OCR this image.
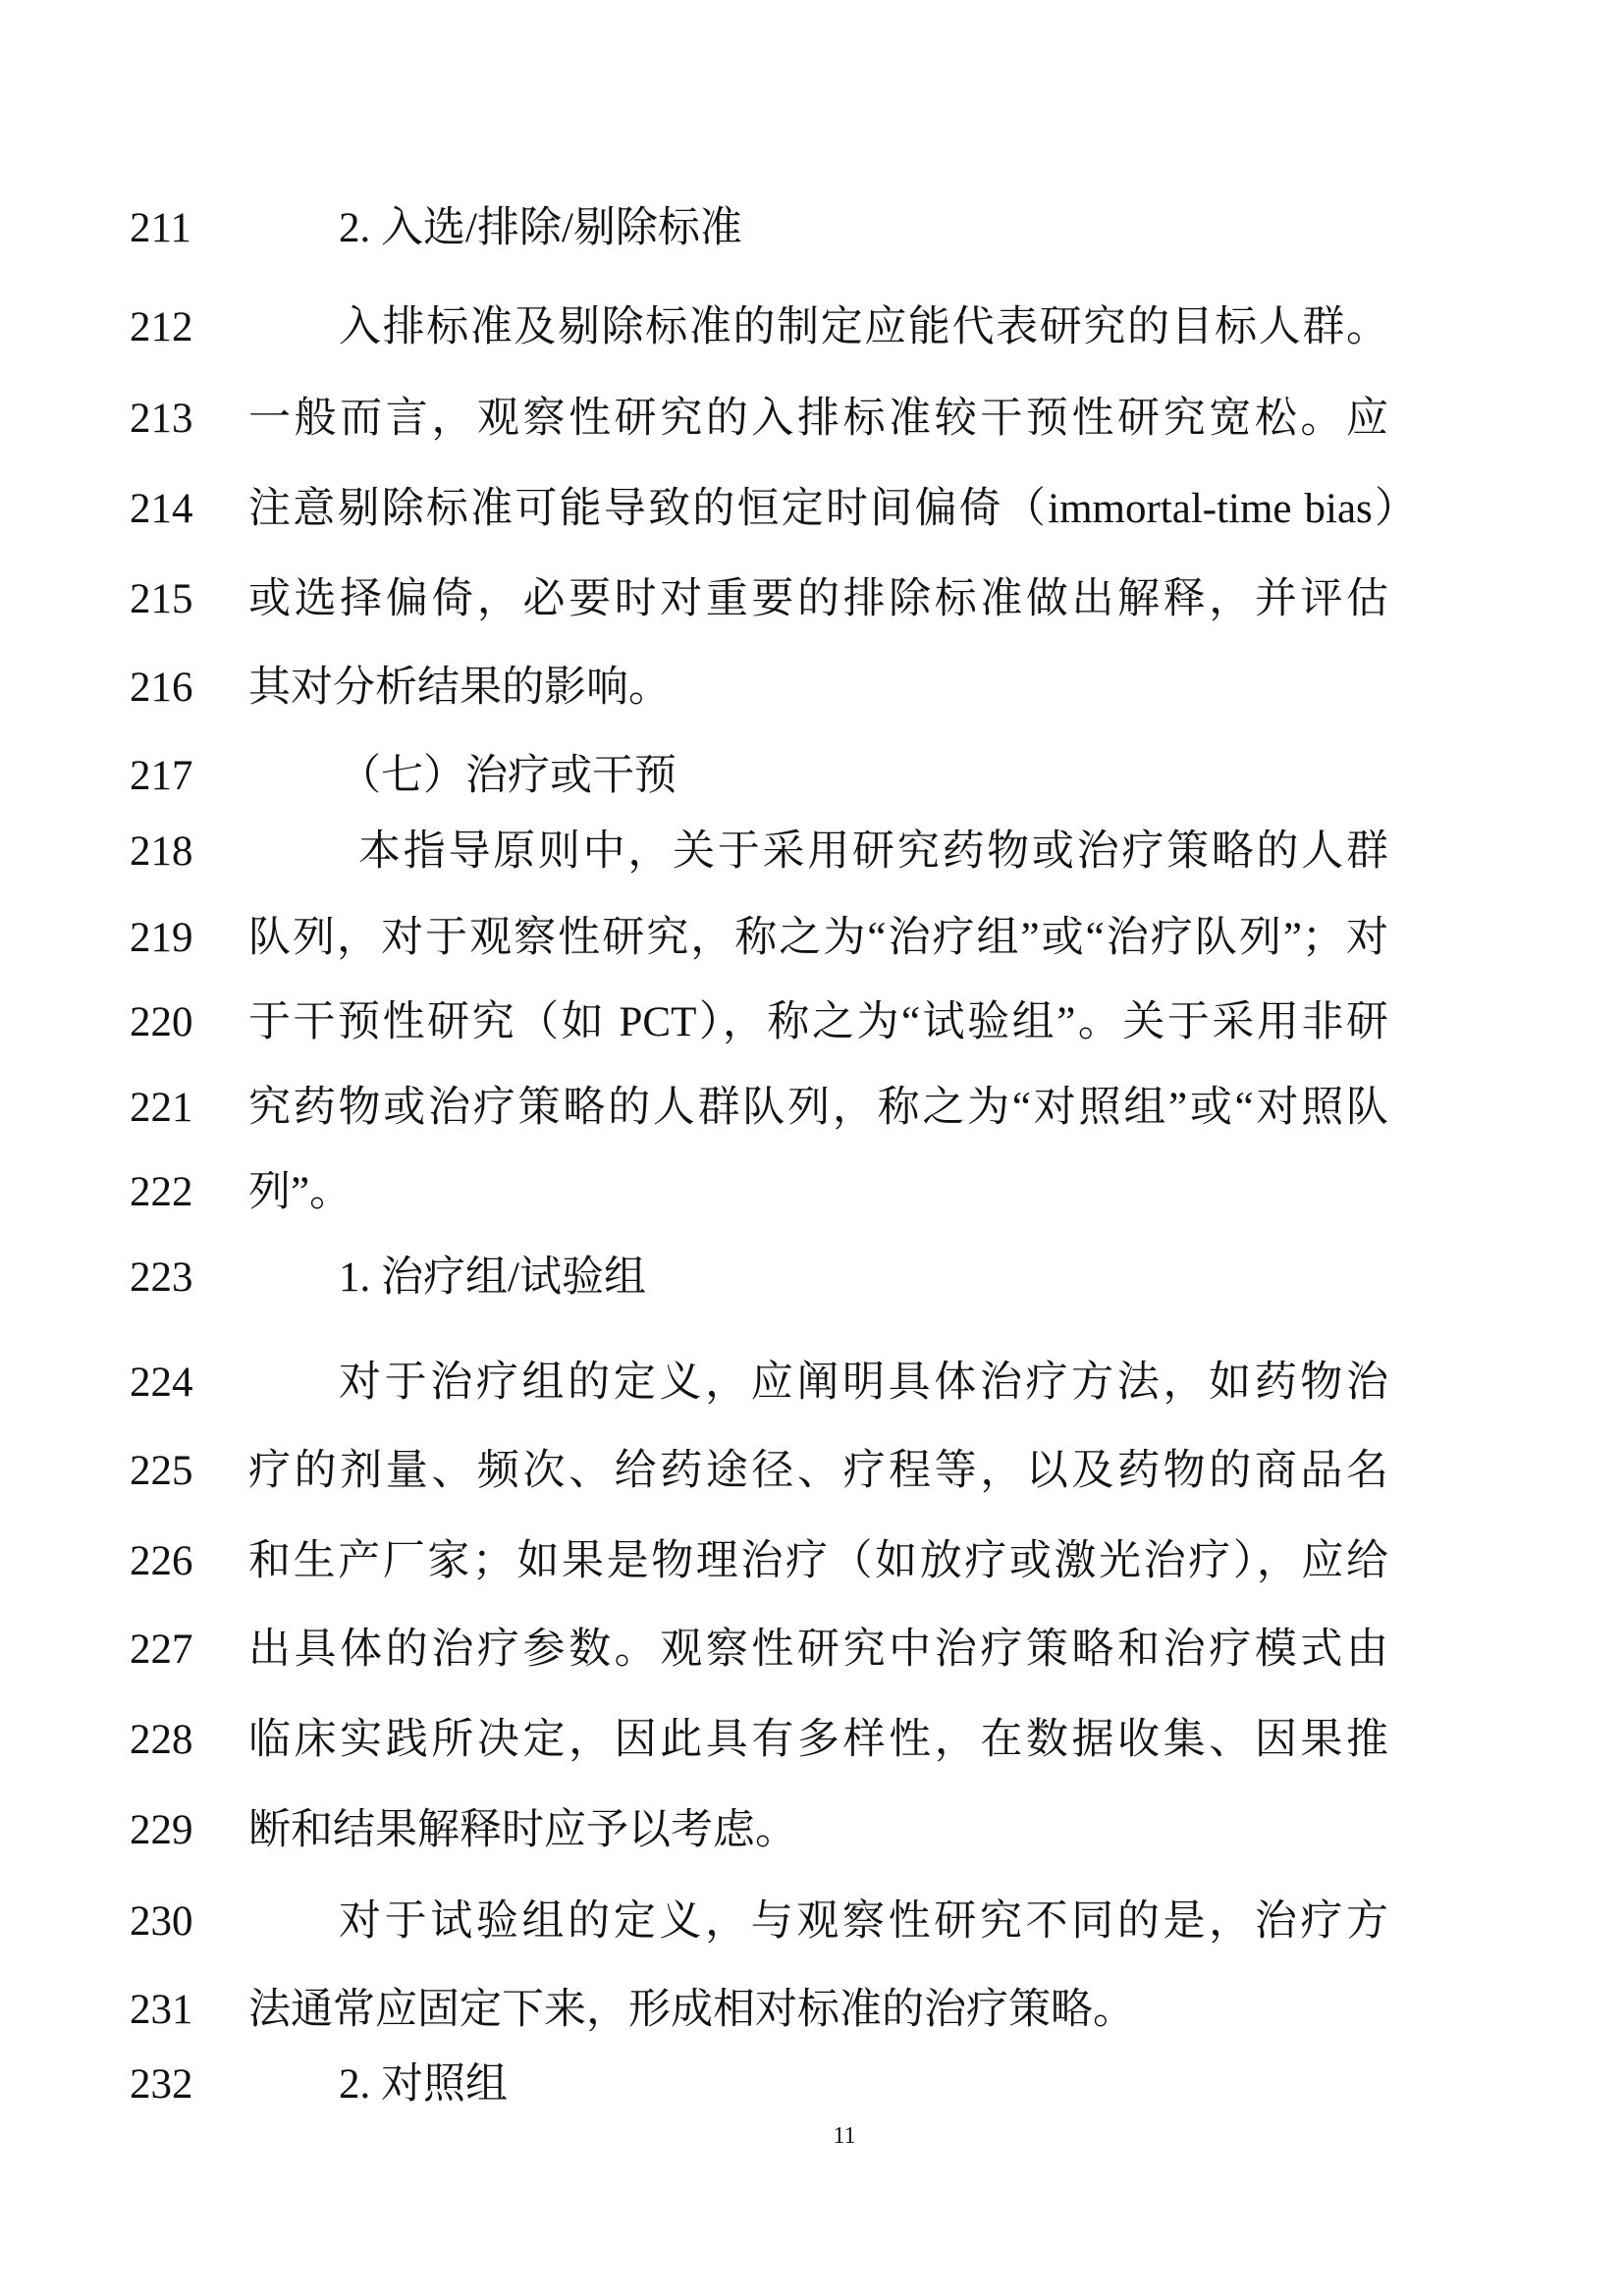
211	2. 入选/排除/剔除标准
212	入排标准及剔除标准的制定应能代表研究的目标人群。
213 一般而言，观察性研究的入排标准较干预性研究宽松。应
214 注意剔除标准可能导致的恒定时间偏倚（immortal-time bias）
215 或选择偏倚，必要时对重要的排除标准做出解释，并评估
216 其对分析结果的影响。
217	（七）治疗或干预
218	本指导原则中，关于采用研究药物或治疗策略的人群
219 队列，对于观察性研究，称之为“治疗组”或“治疗队列”；对
220 于干预性研究（如 PCT），称之为“试验组”。关于采用非研
221 究药物或治疗策略的人群队列，称之为“对照组”或“对照队
222 列”。
223	1. 治疗组/试验组
224	对于治疗组的定义，应阐明具体治疗方法，如药物治
225 疗的剂量、频次、给药途径、疗程等，以及药物的商品名
226 和生产厂家；如果是物理治疗（如放疗或激光治疗），应给
227 出具体的治疗参数。观察性研究中治疗策略和治疗模式由
228 临床实践所决定，因此具有多样性，在数据收集、因果推
229 断和结果解释时应予以考虑。
230	对于试验组的定义，与观察性研究不同的是，治疗方
231 法通常应固定下来，形成相对标准的治疗策略。
232	2. 对照组
11
